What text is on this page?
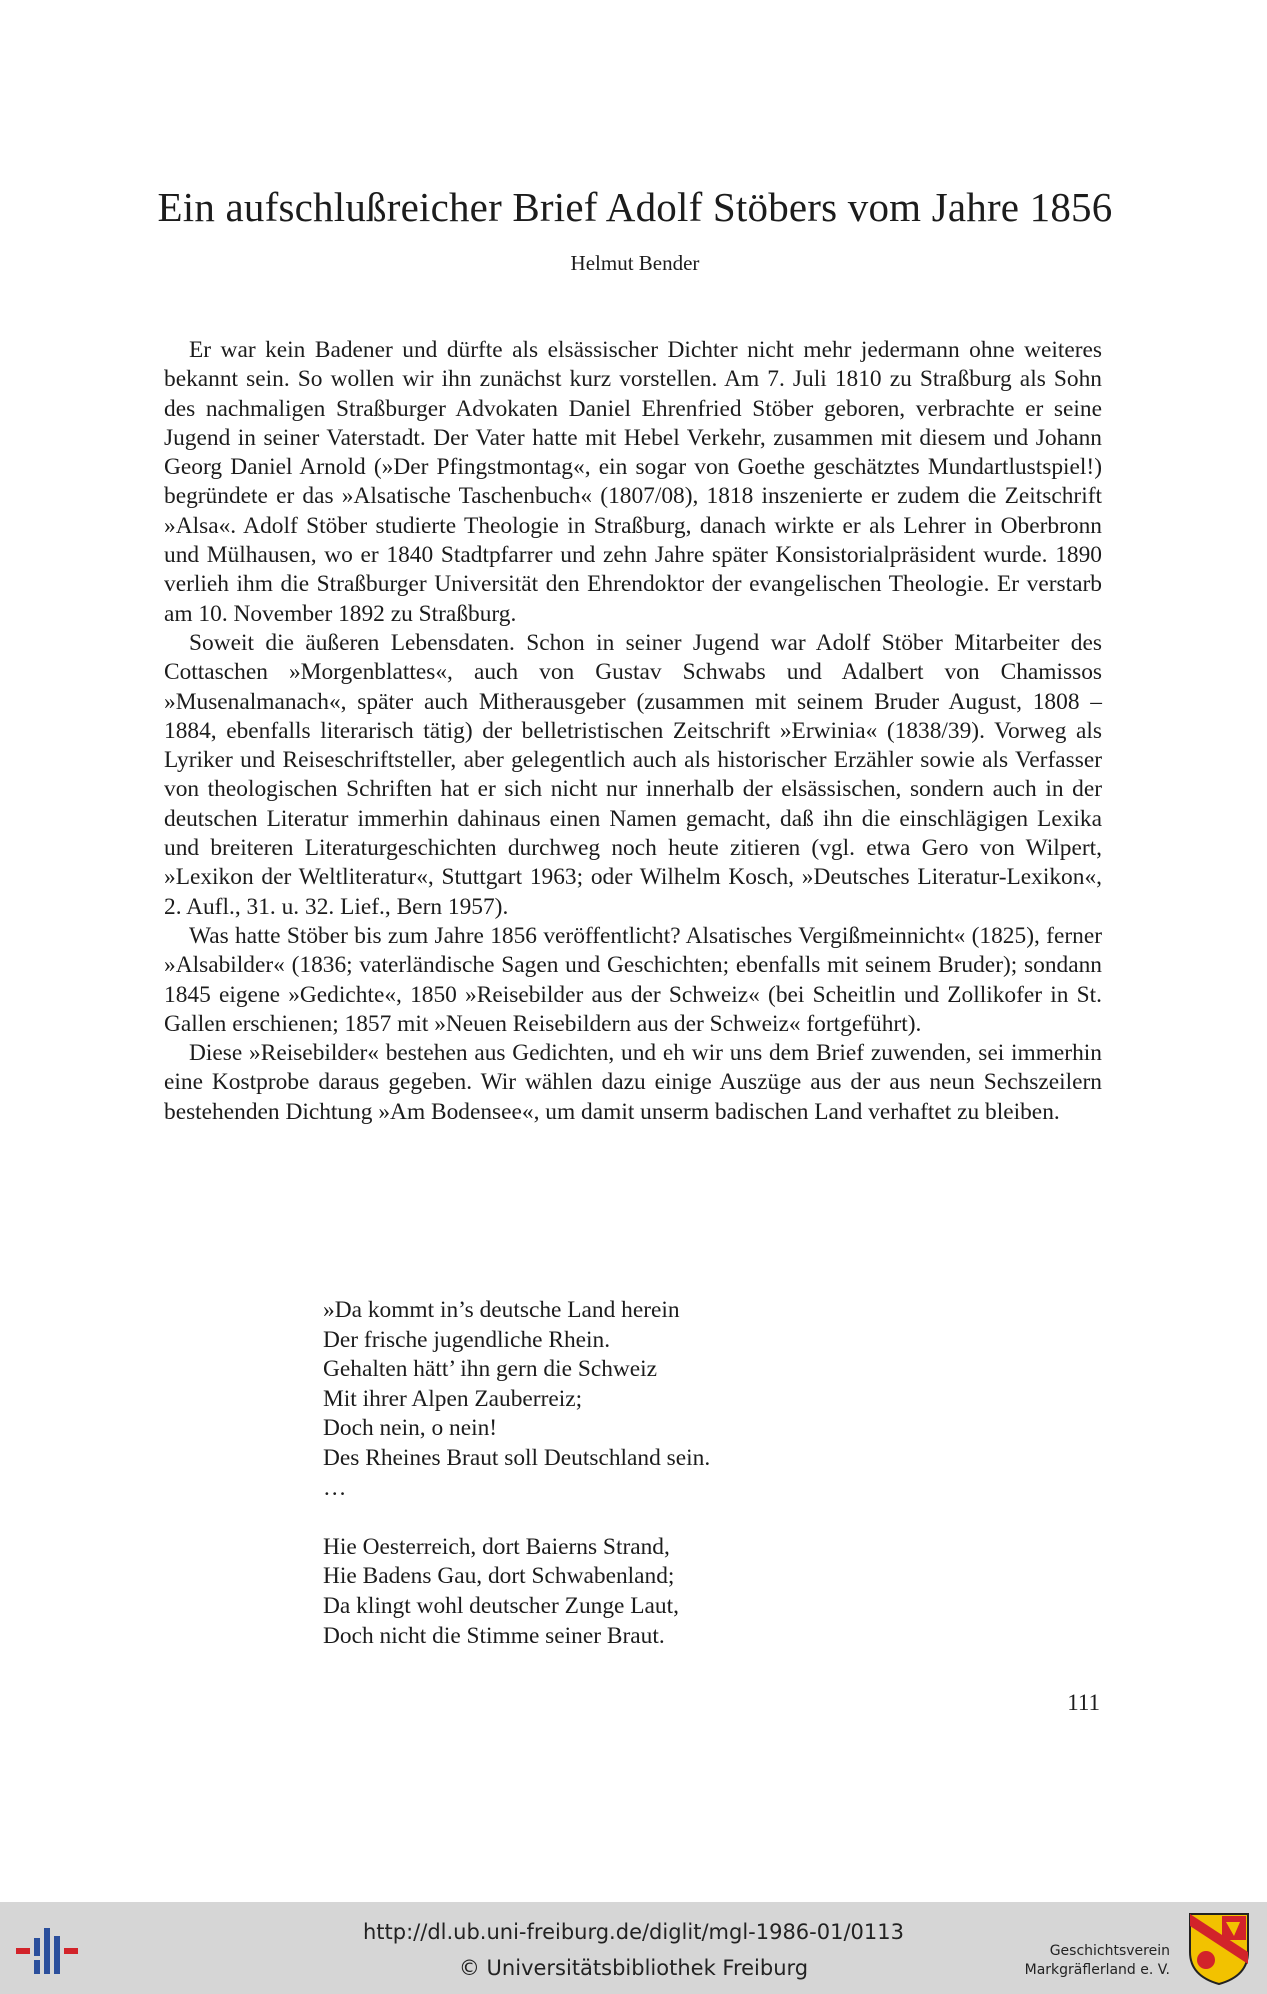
Ein aufschlußreicher Brief Adolf Stöbers vom Jahre 1856
Helmut Bender

Er war kein Badener und dürfte als elsässischer Dichter nicht mehr jedermann ohne weiteres bekannt sein. So wollen wir ihn zunächst kurz vorstellen. Am 7. Juli 1810 zu Straßburg als Sohn des nachmaligen Straßburger Advokaten Daniel Ehrenfried Stöber geboren, verbrachte er seine Jugend in seiner Vaterstadt. Der Vater hatte mit Hebel Verkehr, zusammen mit diesem und Johann Georg Daniel Arnold (»Der Pfingstmontag«, ein sogar von Goethe geschätztes Mundartlustspiel!) begründete er das »Alsatische Taschenbuch« (1807/08), 1818 inszenierte er zudem die Zeitschrift »Alsa«. Adolf Stöber studierte Theologie in Straßburg, danach wirkte er als Lehrer in Oberbronn und Mülhausen, wo er 1840 Stadtpfarrer und zehn Jahre später Konsistorialpräsident wurde. 1890 verlieh ihm die Straßburger Universität den Ehrendoktor der evangelischen Theologie. Er verstarb am 10. November 1892 zu Straßburg.

Soweit die äußeren Lebensdaten. Schon in seiner Jugend war Adolf Stöber Mitarbeiter des Cottaschen »Morgenblattes«, auch von Gustav Schwabs und Adalbert von Chamissos »Musenalmanach«, später auch Mitherausgeber (zusammen mit seinem Bruder August, 1808 – 1884, ebenfalls literarisch tätig) der belletristischen Zeitschrift »Erwinia« (1838/39). Vorweg als Lyriker und Reiseschriftsteller, aber gelegentlich auch als historischer Erzähler sowie als Verfasser von theologischen Schriften hat er sich nicht nur innerhalb der elsässischen, sondern auch in der deutschen Literatur immerhin dahinaus einen Namen gemacht, daß ihn die einschlägigen Lexika und breiteren Literaturgeschichten durchweg noch heute zitieren (vgl. etwa Gero von Wilpert, »Lexikon der Weltliteratur«, Stuttgart 1963; oder Wilhelm Kosch, »Deutsches Literatur-Lexikon«, 2. Aufl., 31. u. 32. Lief., Bern 1957).

Was hatte Stöber bis zum Jahre 1856 veröffentlicht? Alsatisches Vergißmeinnicht« (1825), ferner »Alsabilder« (1836; vaterländische Sagen und Geschichten; ebenfalls mit seinem Bruder); sondann 1845 eigene »Gedichte«, 1850 »Reisebilder aus der Schweiz« (bei Scheitlin und Zollikofer in St. Gallen erschienen; 1857 mit »Neuen Reisebildern aus der Schweiz« fortgeführt).

Diese »Reisebilder« bestehen aus Gedichten, und eh wir uns dem Brief zuwenden, sei immerhin eine Kostprobe daraus gegeben. Wir wählen dazu einige Auszüge aus der aus neun Sechszeilern bestehenden Dichtung »Am Bodensee«, um damit unserm badischen Land verhaftet zu bleiben.

»Da kommt in’s deutsche Land herein
Der frische jugendliche Rhein.
Gehalten hätt’ ihn gern die Schweiz
Mit ihrer Alpen Zauberreiz;
Doch nein, o nein!
Des Rheines Braut soll Deutschland sein.
…
Hie Oesterreich, dort Baierns Strand,
Hie Badens Gau, dort Schwabenland;
Da klingt wohl deutscher Zunge Laut,
Doch nicht die Stimme seiner Braut.
111
http://dl.ub.uni-freiburg.de/diglit/mgl-1986-01/0113
© Universitätsbibliothek Freiburg
Geschichtsverein
Markgräflerland e. V.
